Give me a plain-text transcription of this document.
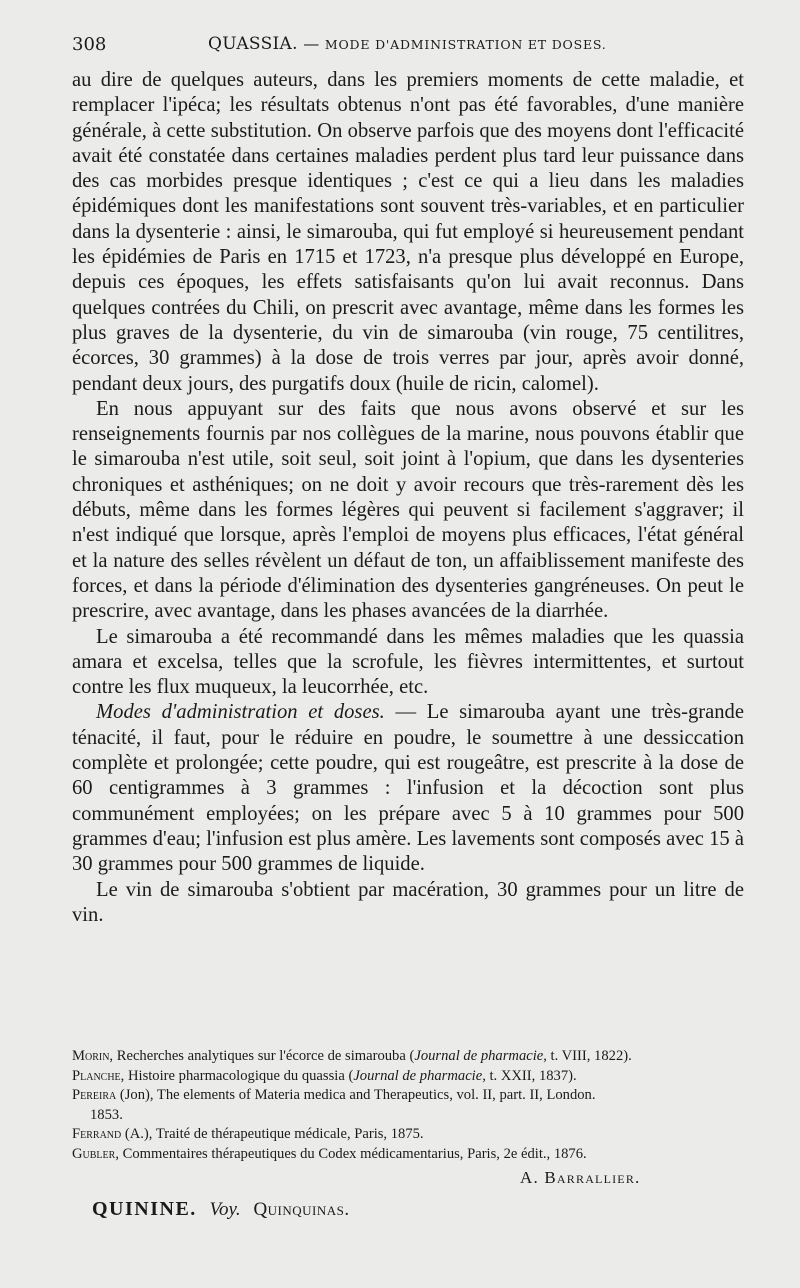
308	QUASSIA. — MODE D'ADMINISTRATION ET DOSES.

au dire de quelques auteurs, dans les premiers moments de cette maladie, et remplacer l'ipéca; les résultats obtenus n'ont pas été favorables, d'une manière générale, à cette substitution. On observe parfois que des moyens dont l'efficacité avait été constatée dans certaines maladies perdent plus tard leur puissance dans des cas morbides presque identiques ; c'est ce qui a lieu dans les maladies épidémiques dont les manifestations sont souvent très-variables, et en particulier dans la dysenterie : ainsi, le simarouba, qui fut employé si heureusement pendant les épidémies de Paris en 1715 et 1723, n'a presque plus développé en Europe, depuis ces époques, les effets satisfaisants qu'on lui avait reconnus. Dans quelques contrées du Chili, on prescrit avec avantage, même dans les formes les plus graves de la dysenterie, du vin de simarouba (vin rouge, 75 centilitres, écorces, 30 grammes) à la dose de trois verres par jour, après avoir donné, pendant deux jours, des purgatifs doux (huile de ricin, calomel).

En nous appuyant sur des faits que nous avons observé et sur les renseignements fournis par nos collègues de la marine, nous pouvons établir que le simarouba n'est utile, soit seul, soit joint à l'opium, que dans les dysenteries chroniques et asthéniques; on ne doit y avoir recours que très-rarement dès les débuts, même dans les formes légères qui peuvent si facilement s'aggraver; il n'est indiqué que lorsque, après l'emploi de moyens plus efficaces, l'état général et la nature des selles révèlent un défaut de ton, un affaiblissement manifeste des forces, et dans la période d'élimination des dysenteries gangréneuses. On peut le prescrire, avec avantage, dans les phases avancées de la diarrhée.

Le simarouba a été recommandé dans les mêmes maladies que les quassia amara et excelsa, telles que la scrofule, les fièvres intermittentes, et surtout contre les flux muqueux, la leucorrhée, etc.

Modes d'administration et doses. — Le simarouba ayant une très-grande ténacité, il faut, pour le réduire en poudre, le soumettre à une dessiccation complète et prolongée; cette poudre, qui est rougeâtre, est prescrite à la dose de 60 centigrammes à 3 grammes : l'infusion et la décoction sont plus communément employées; on les prépare avec 5 à 10 grammes pour 500 grammes d'eau; l'infusion est plus amère. Les lavements sont composés avec 15 à 30 grammes pour 500 grammes de liquide.

Le vin de simarouba s'obtient par macération, 30 grammes pour un litre de vin.

Morin, Recherches analytiques sur l'écorce de simarouba (Journal de pharmacie, t. VIII, 1822).

Planche, Histoire pharmacologique du quassia (Journal de pharmacie, t. XXII, 1837).

Pereira (Jon), The elements of Materia medica and Therapeutics, vol. II, part. II, London.
1853.

Ferrand (A.), Traité de thérapeutique médicale, Paris, 1875.

Gubler, Commentaires thérapeutiques du Codex médicamentarius, Paris, 2e édit., 1876.

A. Barrallier.
QUININE. Voy. Quinquinas.
